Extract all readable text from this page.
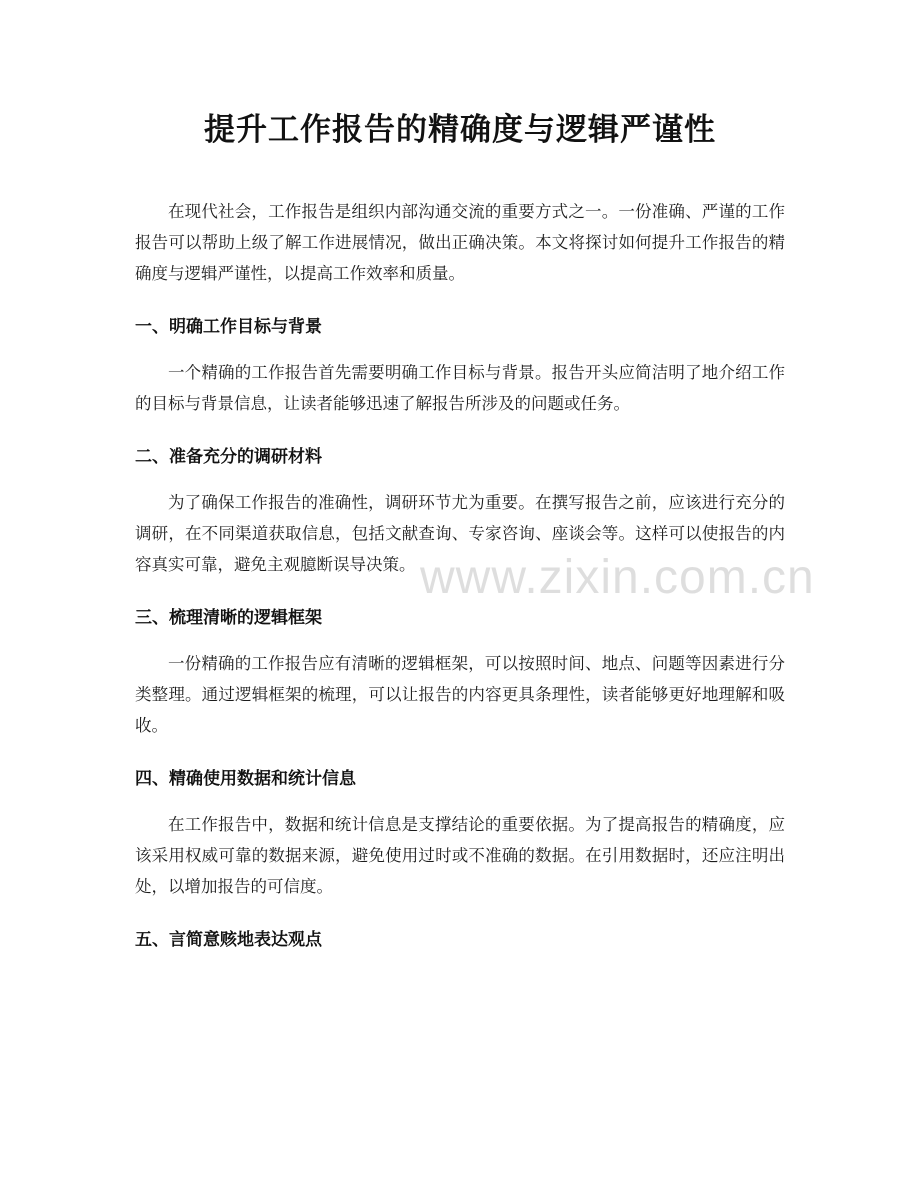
提升工作报告的精确度与逻辑严谨性

在现代社会，工作报告是组织内部沟通交流的重要方式之一。一份准确、严谨的工作报告可以帮助上级了解工作进展情况，做出正确决策。本文将探讨如何提升工作报告的精确度与逻辑严谨性，以提高工作效率和质量。

一、明确工作目标与背景

一个精确的工作报告首先需要明确工作目标与背景。报告开头应简洁明了地介绍工作的目标与背景信息，让读者能够迅速了解报告所涉及的问题或任务。

二、准备充分的调研材料

为了确保工作报告的准确性，调研环节尤为重要。在撰写报告之前，应该进行充分的调研，在不同渠道获取信息，包括文献查询、专家咨询、座谈会等。这样可以使报告的内容真实可靠，避免主观臆断误导决策。

三、梳理清晰的逻辑框架

一份精确的工作报告应有清晰的逻辑框架，可以按照时间、地点、问题等因素进行分类整理。通过逻辑框架的梳理，可以让报告的内容更具条理性，读者能够更好地理解和吸收。

四、精确使用数据和统计信息

在工作报告中，数据和统计信息是支撑结论的重要依据。为了提高报告的精确度，应该采用权威可靠的数据来源，避免使用过时或不准确的数据。在引用数据时，还应注明出处，以增加报告的可信度。

五、言简意赅地表达观点
www.zixin.com.cn
